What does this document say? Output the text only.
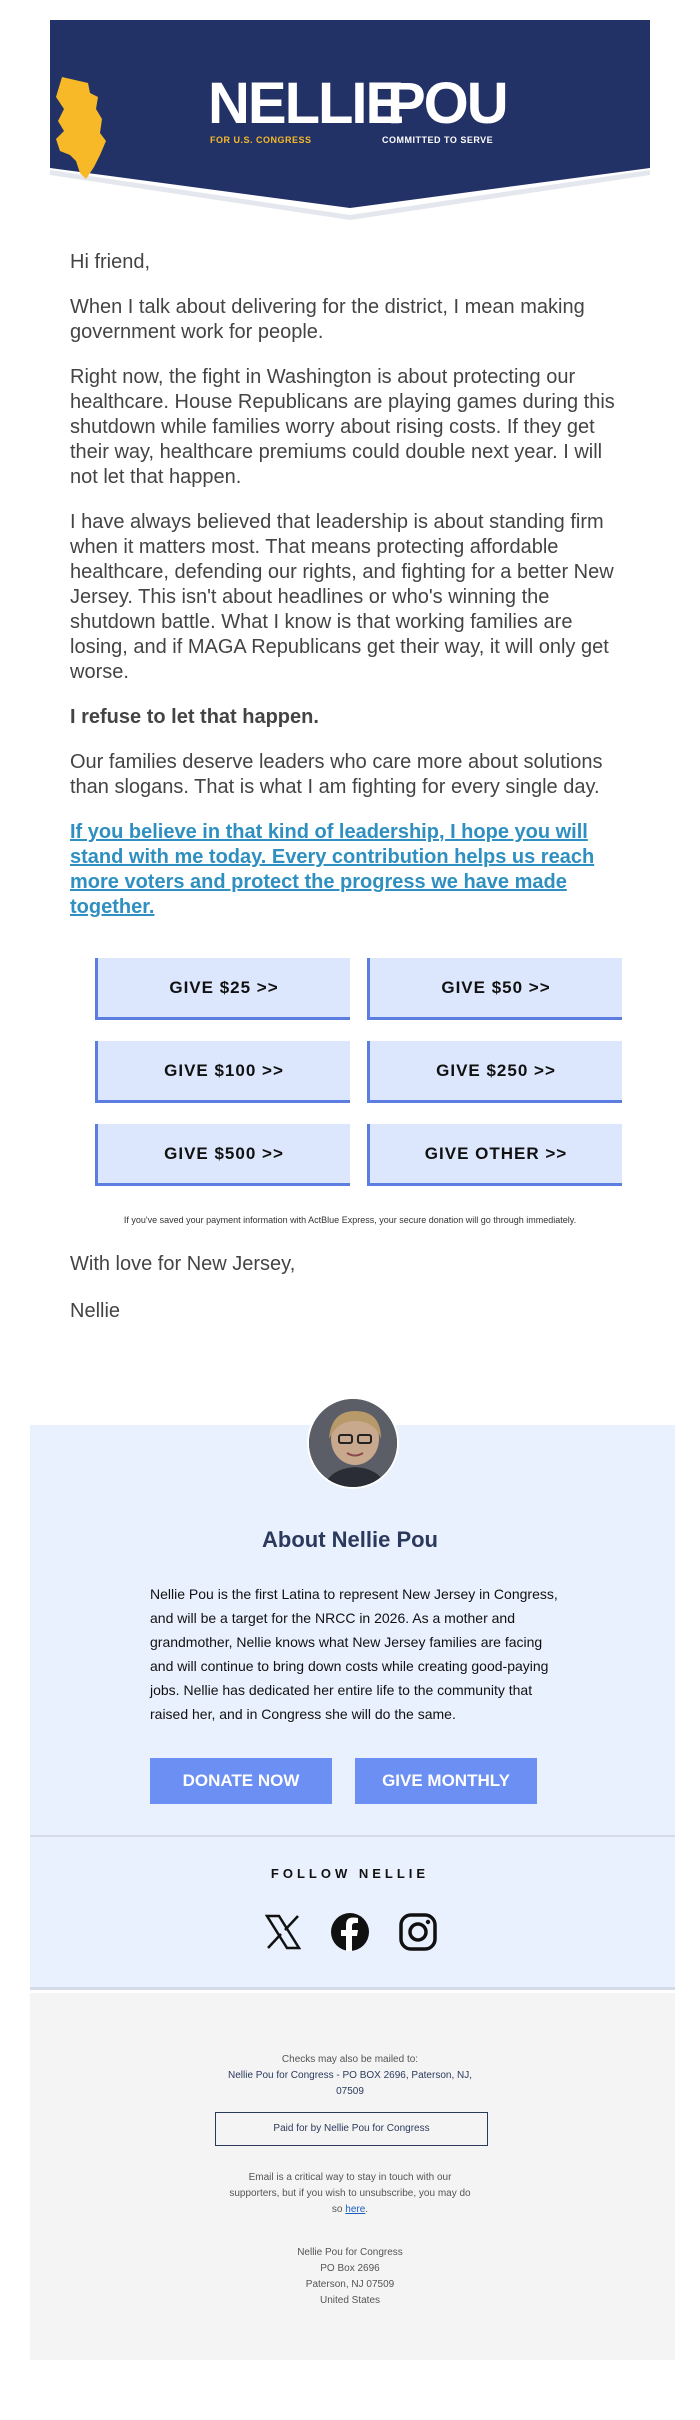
NELLIE
POU
FOR U.S. CONGRESS	COMMITTED TO SERVE

Hi friend,

When I talk about delivering for the district, I mean making government work for people.

Right now, the fight in Washington is about protecting our healthcare. House Republicans are playing games during this shutdown while families worry about rising costs. If they get their way, healthcare premiums could double next year. I will not let that happen.

I have always believed that leadership is about standing firm when it matters most. That means protecting affordable healthcare, defending our rights, and fighting for a better New Jersey. This isn't about headlines or who's winning the shutdown battle. What I know is that working families are losing, and if MAGA Republicans get their way, it will only get worse.

I refuse to let that happen.

Our families deserve leaders who care more about solutions than slogans. That is what I am fighting for every single day.

If you believe in that kind of leadership, I hope you will stand with me today. Every contribution helps us reach more voters and protect the progress we have made together.
GIVE $25 >>	GIVE $50 >>
GIVE $100 >>	GIVE $250 >>
GIVE $500 >>	GIVE OTHER >>
If you've saved your payment information with ActBlue Express, your secure donation will go through immediately.
With love for New Jersey,
Nellie
About Nellie Pou
Nellie Pou is the first Latina to represent New Jersey in Congress, and will be a target for the NRCC in 2026. As a mother and grandmother, Nellie knows what New Jersey families are facing and will continue to bring down costs while creating good-paying jobs. Nellie has dedicated her entire life to the community that raised her, and in Congress she will do the same.
DONATE NOW	GIVE MONTHLY
FOLLOW NELLIE
Checks may also be mailed to:
Nellie Pou for Congress - PO BOX 2696, Paterson, NJ,
07509
Paid for by Nellie Pou for Congress
Email is a critical way to stay in touch with our
supporters, but if you wish to unsubscribe, you may do
so here.
Nellie Pou for Congress
PO Box 2696
Paterson, NJ 07509
United States
